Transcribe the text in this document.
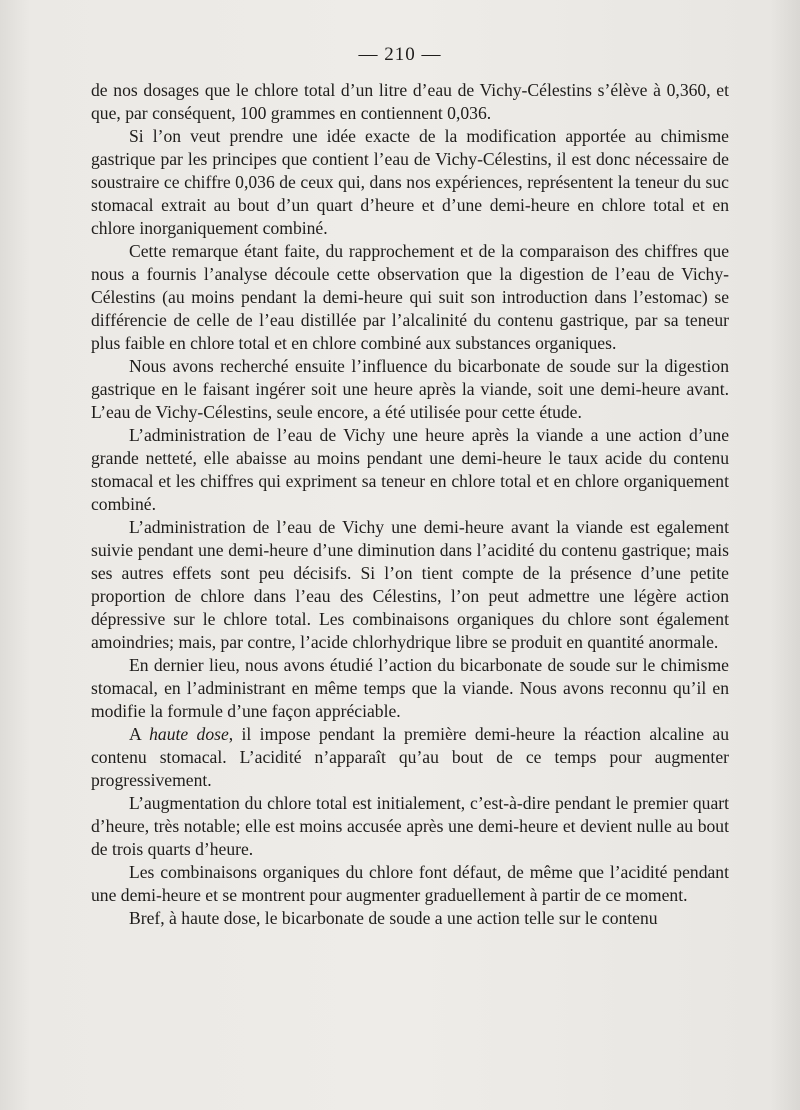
— 210 —

de nos dosages que le chlore total d’un litre d’eau de Vichy-Célestins s’élève à 0,360, et que, par conséquent, 100 grammes en contiennent 0,036.

Si l’on veut prendre une idée exacte de la modification apportée au chimisme gastrique par les principes que contient l’eau de Vichy-Célestins, il est donc nécessaire de soustraire ce chiffre 0,036 de ceux qui, dans nos expériences, représentent la teneur du suc stomacal extrait au bout d’un quart d’heure et d’une demi-heure en chlore total et en chlore inorganiquement combiné.

Cette remarque étant faite, du rapprochement et de la comparaison des chiffres que nous a fournis l’analyse découle cette observation que la digestion de l’eau de Vichy-Célestins (au moins pendant la demi-heure qui suit son introduction dans l’estomac) se différencie de celle de l’eau distillée par l’alcalinité du contenu gastrique, par sa teneur plus faible en chlore total et en chlore combiné aux substances organiques.

Nous avons recherché ensuite l’influence du bicarbonate de soude sur la digestion gastrique en le faisant ingérer soit une heure après la viande, soit une demi-heure avant. L’eau de Vichy-Célestins, seule encore, a été utilisée pour cette étude.

L’administration de l’eau de Vichy une heure après la viande a une action d’une grande netteté, elle abaisse au moins pendant une demi-heure le taux acide du contenu stomacal et les chiffres qui expriment sa teneur en chlore total et en chlore organiquement combiné.

L’administration de l’eau de Vichy une demi-heure avant la viande est egalement suivie pendant une demi-heure d’une diminution dans l’acidité du contenu gastrique; mais ses autres effets sont peu décisifs. Si l’on tient compte de la présence d’une petite proportion de chlore dans l’eau des Célestins, l’on peut admettre une légère action dépressive sur le chlore total. Les combinaisons organiques du chlore sont également amoindries; mais, par contre, l’acide chlorhydrique libre se produit en quantité anormale.

En dernier lieu, nous avons étudié l’action du bicarbonate de soude sur le chimisme stomacal, en l’administrant en même temps que la viande. Nous avons reconnu qu’il en modifie la formule d’une façon appréciable.

A haute dose, il impose pendant la première demi-heure la réaction alcaline au contenu stomacal. L’acidité n’apparaît qu’au bout de ce temps pour augmenter progressivement.

L’augmentation du chlore total est initialement, c’est-à-dire pendant le premier quart d’heure, très notable; elle est moins accusée après une demi-heure et devient nulle au bout de trois quarts d’heure.

Les combinaisons organiques du chlore font défaut, de même que l’acidité pendant une demi-heure et se montrent pour augmenter graduellement à partir de ce moment.

Bref, à haute dose, le bicarbonate de soude a une action telle sur le contenu
